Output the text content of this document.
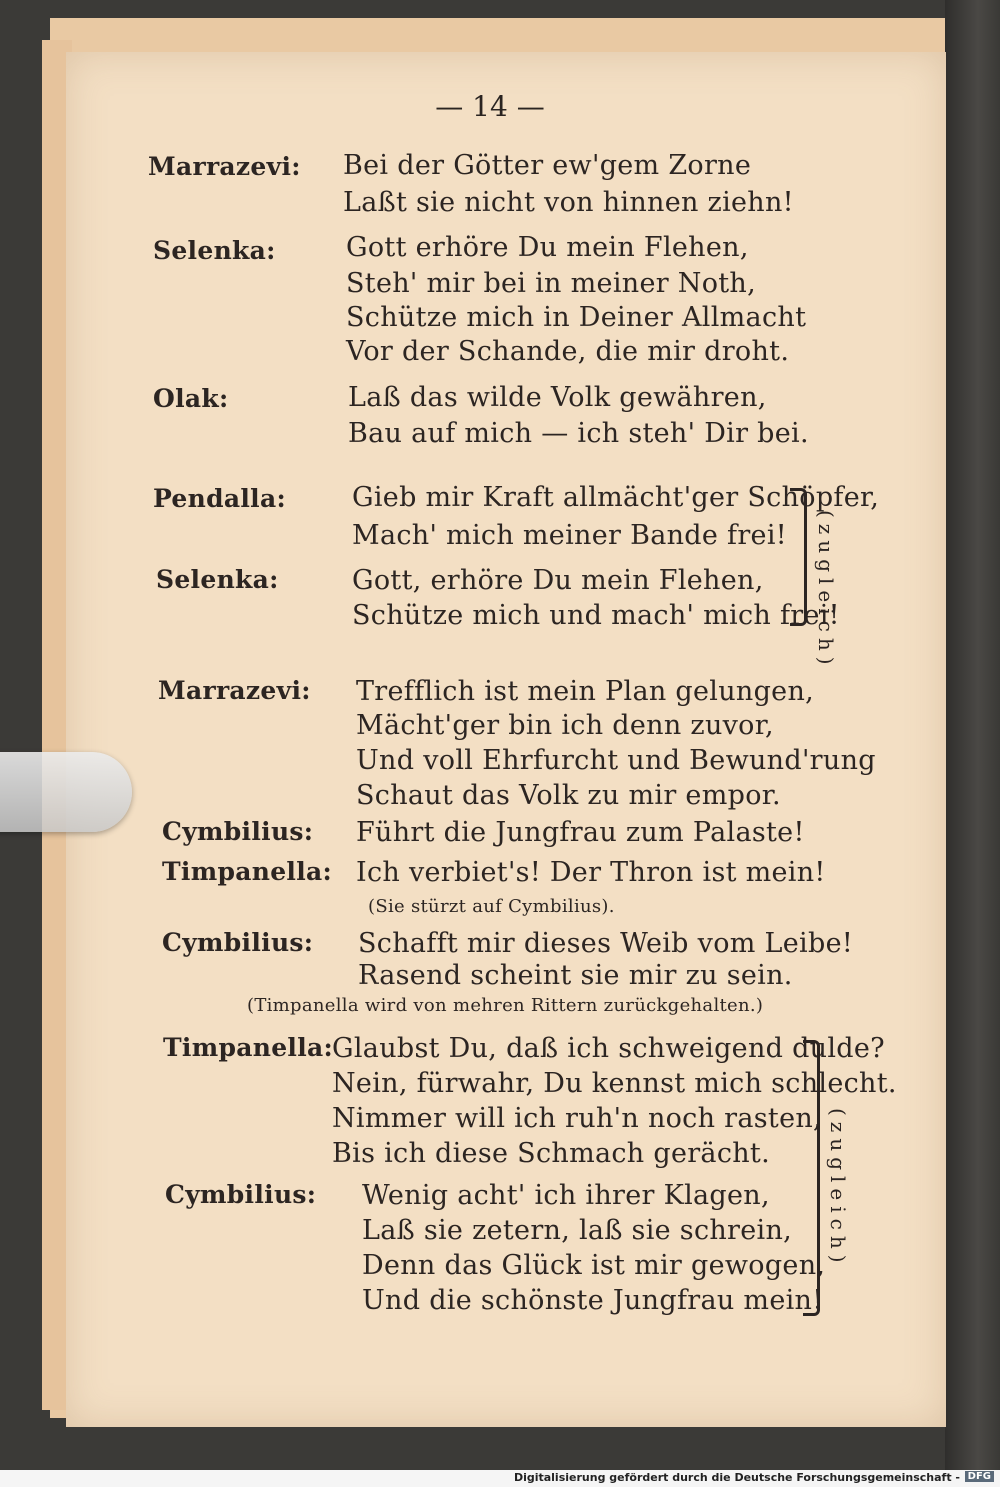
— 14 —
Marrazevi:
Selenka:
Olak:
Pendalla:
Selenka:
Marrazevi:
Cymbilius:
Timpanella:
Cymbilius:
Timpanella:
Cymbilius:
Bei der Götter ew'gem Zorne
Laßt sie nicht von hinnen ziehn!
Gott erhöre Du mein Flehen,
Steh' mir bei in meiner Noth,
Schütze mich in Deiner Allmacht
Vor der Schande, die mir droht.
Laß das wilde Volk gewähren,
Bau auf mich — ich steh' Dir bei.
Gieb mir Kraft allmächt'ger Schöpfer,
Mach' mich meiner Bande frei!
Gott, erhöre Du mein Flehen,
Schütze mich und mach' mich frei!
Trefflich ist mein Plan gelungen,
Mächt'ger bin ich denn zuvor,
Und voll Ehrfurcht und Bewund'rung
Schaut das Volk zu mir empor.
Führt die Jungfrau zum Palaste!
Ich verbiet's! Der Thron ist mein!
(Sie stürzt auf Cymbilius).
Schafft mir dieses Weib vom Leibe!
Rasend scheint sie mir zu sein.
(Timpanella wird von mehren Rittern zurückgehalten.)
Glaubst Du, daß ich schweigend dulde?
Nein, fürwahr, Du kennst mich schlecht.
Nimmer will ich ruh'n noch rasten,
Bis ich diese Schmach gerächt.
Wenig acht' ich ihrer Klagen,
Laß sie zetern, laß sie schrein,
Denn das Glück ist mir gewogen,
Und die schönste Jungfrau mein!
(zugleich)
(zugleich)
Digitalisierung gefördert durch die Deutsche Forschungsgemeinschaft - DFG
